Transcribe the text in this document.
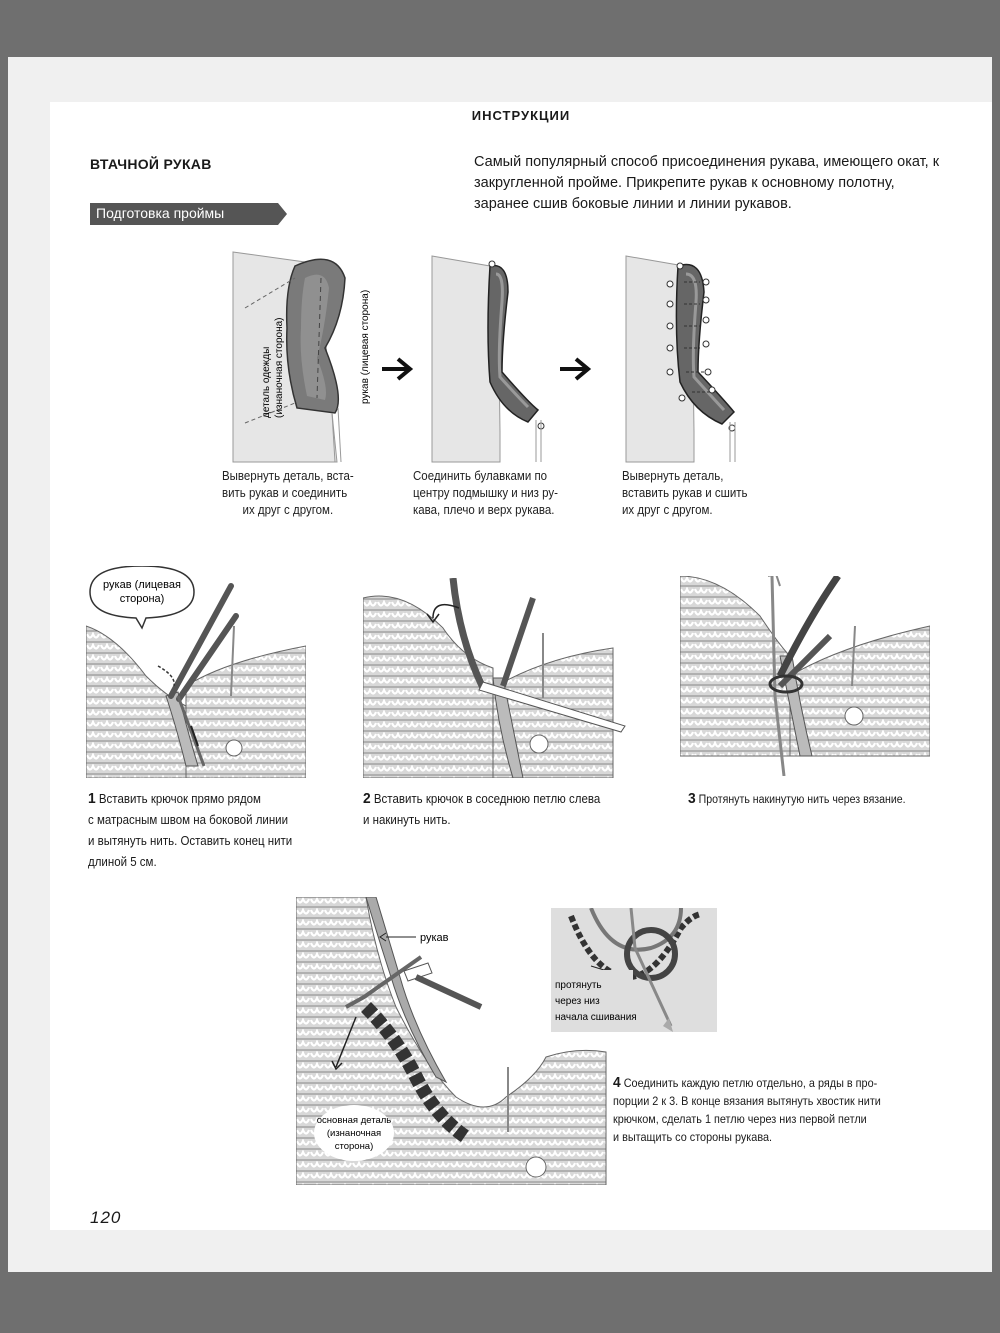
ИНСТРУКЦИИ
ВТАЧНОЙ РУКАВ	Самый популярный способ присоединения рукава, имеющего окат, к закругленной пройме. Прикрепите рукав к основному полотну, заранее сшив боковые линии и линии рукавов.
Подготовка проймы
деталь одежды (изнаночная сторона)	рукав (лицевая сторона)
Вывернуть деталь, вста-
вить рукав и соединить
их друг с другом.
Соединить булавками по
центру подмышку и низ ру-
кава, плечо и верх рукава.
Вывернуть деталь,
вставить рукав и сшить
их друг с другом.
рукав (лицевая
сторона)
1 Вставить крючок прямо рядом
с матрасным швом на боковой линии
и вытянуть нить. Оставить конец нити
длиной 5 см.
2 Вставить крючок в соседнюю петлю слева
и накинуть нить.
3 Протянуть накинутую нить через вязание.
рукав
основная деталь
(изнаночная
сторона)
протянуть
через низ
начала сшивания
4 Соединить каждую петлю отдельно, а ряды в про-
порции 2 к 3. В конце вязания вытянуть хвостик нити
крючком, сделать 1 петлю через низ первой петли
и вытащить со стороны рукава.
120
